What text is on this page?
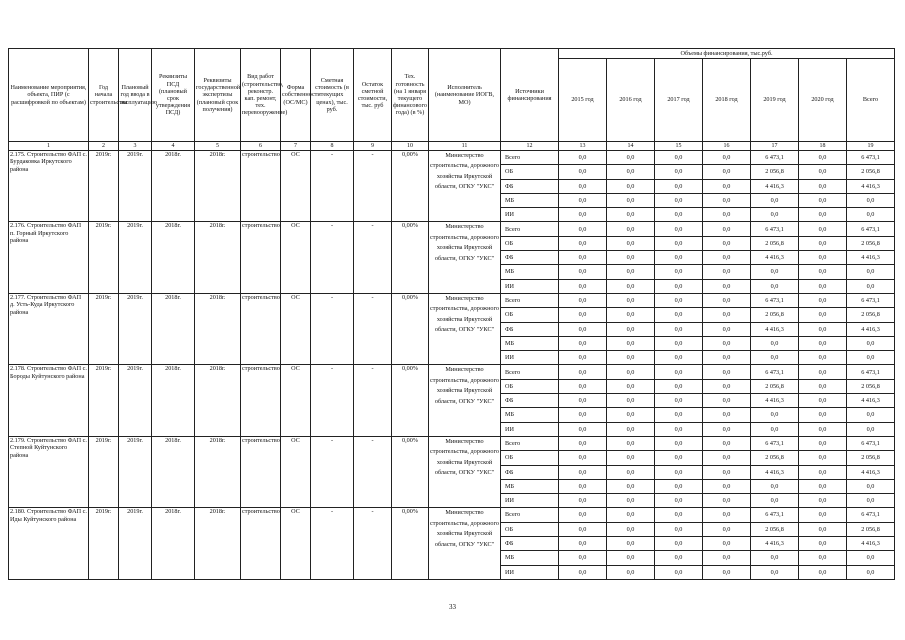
Наименование мероприятия, объекта, ПИР (с расшифровкой по объектам)	Год начала строительства	Плановый год ввода в эксплуатацию	Реквизиты ПСД (плановый срок утверждения ПСД)	Реквизиты государственной экспертизы (плановый срок получения)	Вид работ (строительство, реконстр. кап. ремонт, тех. перевооружение)	Форма собственности (ОС/МС)	Сметная стоимость (в текущих ценах), тыс. руб.	Остаток сметной стоимости, тыс. руб	Тех. готовность (на 1 января текущего финансового года) (в %)	Исполнитель (наименование ИОГВ, МО)	Источники финансирования	Объемы финансирования, тыс.руб.						
												2015 год	2016 год	2017 год	2018 год	2019 год	2020 год	Всего
1	2	3	4	5	6	7	8	9	10	11	12	13	14	15	16	17	18	19
2.175. Строительство ФАП с. Бурдаковка Иркутского района	2019г.	2019г.	2018г.	2018г.	строительство	ОС	-	-	0,00%	Министерство строительства, дорожного хозяйства Иркутской области, ОГКУ "УКС"	Всего	0,0	0,0	0,0	0,0	6 473,1	0,0	6 473,1
											ОБ	0,0	0,0	0,0	0,0	2 056,8	0,0	2 056,8
											ФБ	0,0	0,0	0,0	0,0	4 416,3	0,0	4 416,3
											МБ	0,0	0,0	0,0	0,0	0,0	0,0	0,0
											ИИ	0,0	0,0	0,0	0,0	0,0	0,0	0,0
2.176. Строительство ФАП п. Горный Иркутского района	2019г.	2019г.	2018г.	2018г.	строительство	ОС	-	-	0,00%	Министерство строительства, дорожного хозяйства Иркутской области, ОГКУ "УКС"	Всего	0,0	0,0	0,0	0,0	6 473,1	0,0	6 473,1
											ОБ	0,0	0,0	0,0	0,0	2 056,8	0,0	2 056,8
											ФБ	0,0	0,0	0,0	0,0	4 416,3	0,0	4 416,3
											МБ	0,0	0,0	0,0	0,0	0,0	0,0	0,0
											ИИ	0,0	0,0	0,0	0,0	0,0	0,0	0,0
2.177. Строительство ФАП д. Усть-Куда Иркутского района	2019г.	2019г.	2018г.	2018г.	строительство	ОС	-	-	0,00%	Министерство строительства, дорожного хозяйства Иркутской области, ОГКУ "УКС"	Всего	0,0	0,0	0,0	0,0	6 473,1	0,0	6 473,1
											ОБ	0,0	0,0	0,0	0,0	2 056,8	0,0	2 056,8
											ФБ	0,0	0,0	0,0	0,0	4 416,3	0,0	4 416,3
											МБ	0,0	0,0	0,0	0,0	0,0	0,0	0,0
											ИИ	0,0	0,0	0,0	0,0	0,0	0,0	0,0
2.178. Строительство ФАП с. Бороды Куйтунского района	2019г.	2019г.	2018г.	2018г.	строительство	ОС	-	-	0,00%	Министерство строительства, дорожного хозяйства Иркутской области, ОГКУ "УКС"	Всего	0,0	0,0	0,0	0,0	6 473,1	0,0	6 473,1
											ОБ	0,0	0,0	0,0	0,0	2 056,8	0,0	2 056,8
											ФБ	0,0	0,0	0,0	0,0	4 416,3	0,0	4 416,3
											МБ	0,0	0,0	0,0	0,0	0,0	0,0	0,0
											ИИ	0,0	0,0	0,0	0,0	0,0	0,0	0,0
2.179. Строительство ФАП с. Степной Куйтунского района	2019г.	2019г.	2018г.	2018г.	строительство	ОС	-	-	0,00%	Министерство строительства, дорожного хозяйства Иркутской области, ОГКУ "УКС"	Всего	0,0	0,0	0,0	0,0	6 473,1	0,0	6 473,1
											ОБ	0,0	0,0	0,0	0,0	2 056,8	0,0	2 056,8
											ФБ	0,0	0,0	0,0	0,0	4 416,3	0,0	4 416,3
											МБ	0,0	0,0	0,0	0,0	0,0	0,0	0,0
											ИИ	0,0	0,0	0,0	0,0	0,0	0,0	0,0
2.180. Строительство ФАП с. Иды Куйтунского района	2019г.	2019г.	2018г.	2018г.	строительство	ОС	-	-	0,00%	Министерство строительства, дорожного хозяйства Иркутской области, ОГКУ "УКС"	Всего	0,0	0,0	0,0	0,0	6 473,1	0,0	6 473,1
											ОБ	0,0	0,0	0,0	0,0	2 056,8	0,0	2 056,8
											ФБ	0,0	0,0	0,0	0,0	4 416,3	0,0	4 416,3
											МБ	0,0	0,0	0,0	0,0	0,0	0,0	0,0
											ИИ	0,0	0,0	0,0	0,0	0,0	0,0	0,0
33
